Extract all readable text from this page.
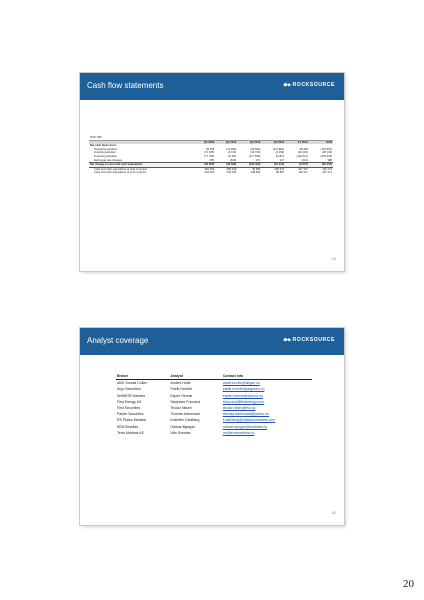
Cash flow statements	ROCKSOURCE
NOK '000						
	Q4 2009	Q4 2010	Q3 2010	Q3 2010	FY 2010	2009
Net cash flows from:						
Operating activities	82 968	(74 290)	(63 846)	(114 984)	98 496	(154 654)
Investing activities	(71 665)	(2 164)	(13 749)	(2 252)	(20 236)	(28 149)
Financing activities	(77 336)	37 484	(177 839)	23 872	(100 611)	(278 225)
Exchange rate changes	(95)	(649)	471	117	(231)	388
Net change in cash and cash equivalents	(26 285)	(39 589)	(193 424)	(91 413)	(8 647)	(20 478)
Cash and cash equivalents at start of period	450 269	285 429	45 986	338 374	427 337	446 174
Cash and cash equivalents at end of period	424 026	245 780	248 832	98 887	418 117	427 271
20
Analyst coverage	ROCKSOURCE
Broker	Analyst	Contact info
ABG Sundal Collier	Anders Holte	anders.holte@abgsc.no
Argo Securities	Patrik Hohvith	patrik.hohvith@argosec.no
DnBNOR Markets	Espen Hennie	espen.hennie@dnbnor.no
First Energy AS	Stephane Foucaud	sfoucaud@firstenergy.com
First Securities	Teodor Nilsen	teodor.nilsen@fsc.no
Pareto Securities	Thomas Aarnestad	thomas.aarnestad@pareto.no
RS Platou Markets	Kristoffer Dahlberg	k.dahlberg@rsplatoumarkets.com
SEB Enskilda	Oddvar Bjørgan	oddvar.bjorgan@enskilda.no
Terra Markets AS	Ville Szentes	vs@terramarkets.no
42
20
